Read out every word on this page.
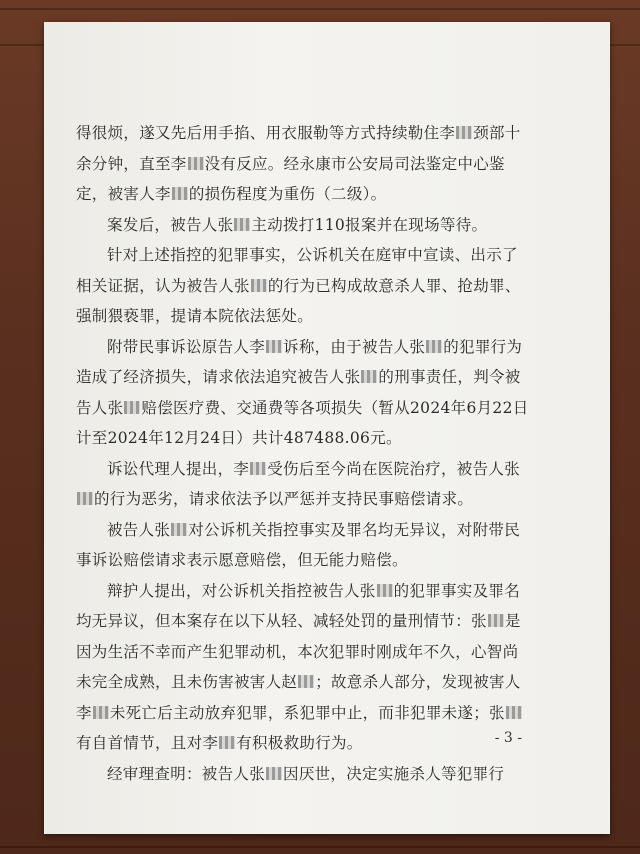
得很烦，遂又先后用手掐、用衣服勒等方式持续勒住李 颈部十余分钟，直至李 没有反应。经永康市公安局司法鉴定中心鉴定，被害人李 的损伤程度为重伤（二级）。

案发后，被告人张 主动拨打110报案并在现场等待。

针对上述指控的犯罪事实，公诉机关在庭审中宣读、出示了相关证据，认为被告人张 的行为已构成故意杀人罪、抢劫罪、强制猥亵罪，提请本院依法惩处。

附带民事诉讼原告人李 诉称，由于被告人张 的犯罪行为造成了经济损失，请求依法追究被告人张 的刑事责任，判令被告人张 赔偿医疗费、交通费等各项损失（暂从2024年6月22日计至2024年12月24日）共计487488.06元。

诉讼代理人提出，李 受伤后至今尚在医院治疗，被告人张的行为恶劣，请求依法予以严惩并支持民事赔偿请求。

被告人张 对公诉机关指控事实及罪名均无异议，对附带民事诉讼赔偿请求表示愿意赔偿，但无能力赔偿。

辩护人提出，对公诉机关指控被告人张 的犯罪事实及罪名均无异议，但本案存在以下从轻、减轻处罚的量刑情节：张 是因为生活不幸而产生犯罪动机，本次犯罪时刚成年不久，心智尚未完全成熟，且未伤害被害人赵 ；故意杀人部分，发现被害人李 未死亡后主动放弃犯罪，系犯罪中止，而非犯罪未遂；张有自首情节，且对李 有积极救助行为。

经审理查明：被告人张 因厌世，决定实施杀人等犯罪行

- 3 -
